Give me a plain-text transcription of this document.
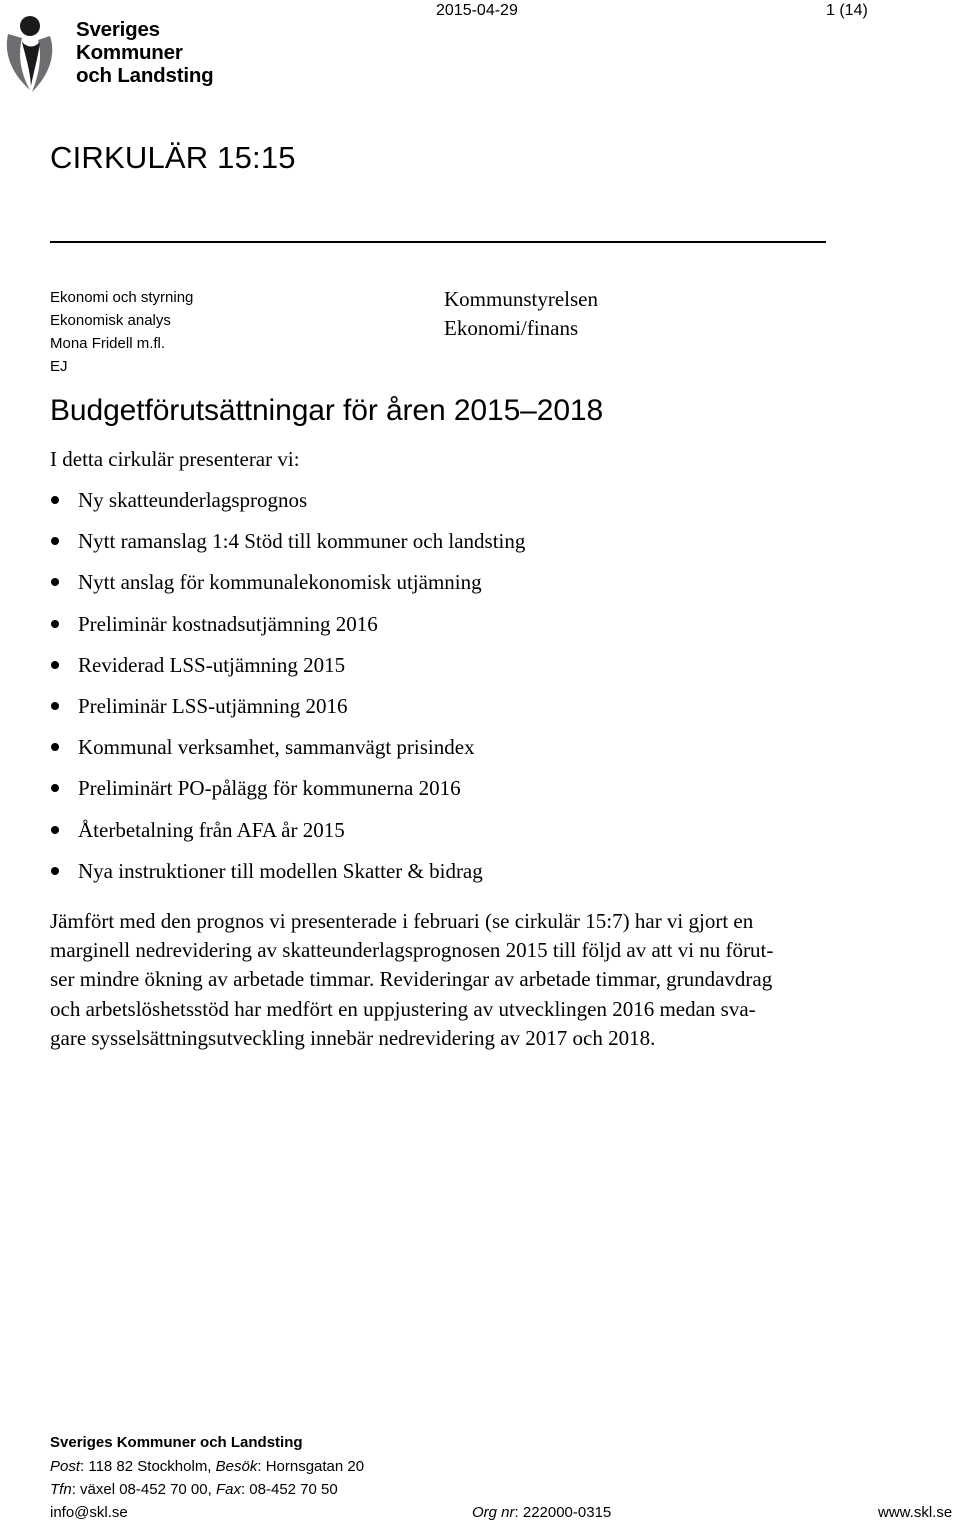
Sveriges
Kommuner
och Landsting
2015-04-29	1 (14)
CIRKULÄR 15:15
Ekonomi och styrning
Ekonomisk analys
Mona Fridell m.fl.
EJ
Kommunstyrelsen
Ekonomi/finans
Budgetförutsättningar för åren 2015–2018
I detta cirkulär presenterar vi:
Ny skatteunderlagsprognos
Nytt ramanslag 1:4 Stöd till kommuner och landsting
Nytt anslag för kommunalekonomisk utjämning
Preliminär kostnadsutjämning 2016
Reviderad LSS-utjämning 2015
Preliminär LSS-utjämning 2016
Kommunal verksamhet, sammanvägt prisindex
Preliminärt PO-pålägg för kommunerna 2016
Återbetalning från AFA år 2015
Nya instruktioner till modellen Skatter & bidrag
Jämfört med den prognos vi presenterade i februari (se cirkulär 15:7) har vi gjort en
marginell nedrevidering av skatteunderlagsprognosen 2015 till följd av att vi nu förut-
ser mindre ökning av arbetade timmar. Revideringar av arbetade timmar, grundavdrag
och arbetslöshetsstöd har medfört en uppjustering av utvecklingen 2016 medan sva-
gare sysselsättningsutveckling innebär nedrevidering av 2017 och 2018.
Sveriges Kommuner och Landsting
Post: 118 82 Stockholm, Besök: Hornsgatan 20
Tfn: växel 08-452 70 00, Fax: 08-452 70 50
info@skl.se	Org nr: 222000-0315	www.skl.se
